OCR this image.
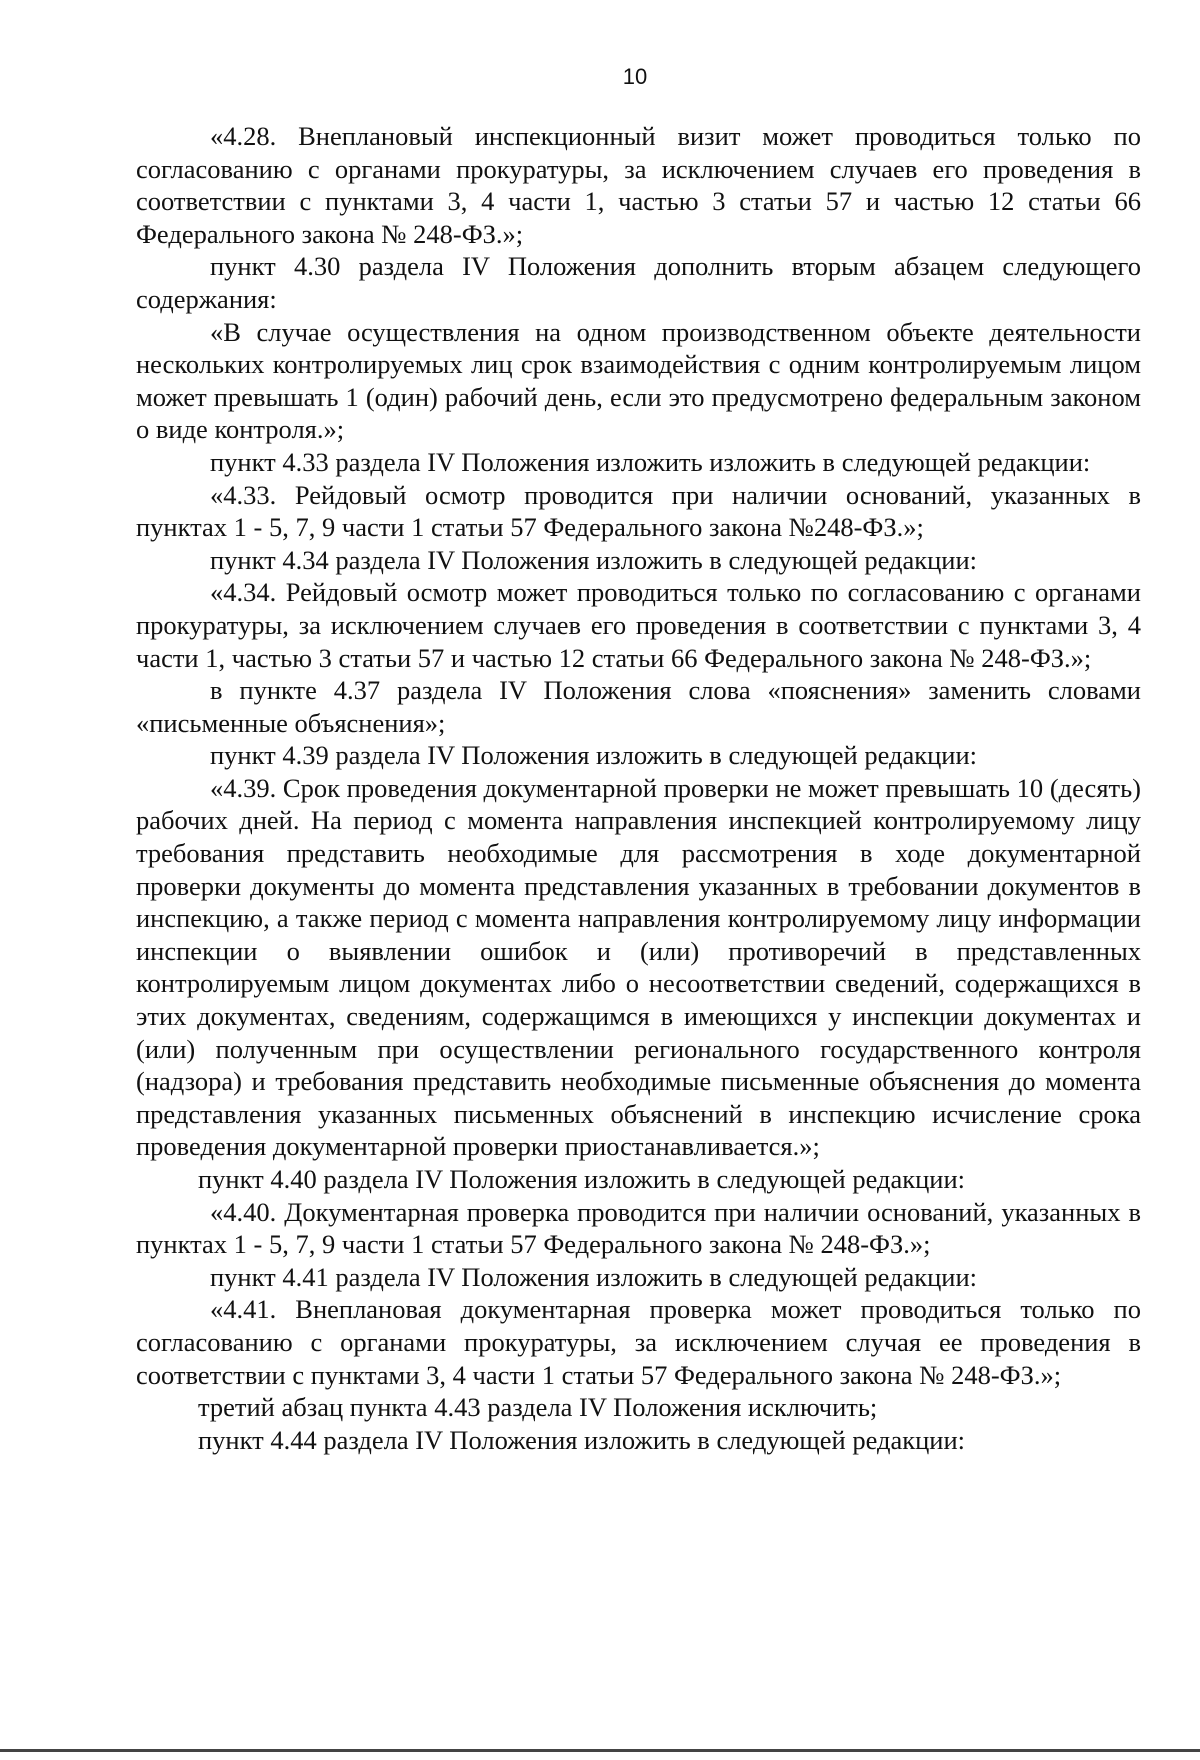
10

«4.28. Внеплановый инспекционный визит может проводиться только по согласованию с органами прокуратуры, за исключением случаев его проведения в соответствии с пунктами 3, 4 части 1, частью 3 статьи 57 и частью 12 статьи 66 Федерального закона № 248-ФЗ.»;

пункт 4.30 раздела IV Положения дополнить вторым абзацем следующего содержания:

«В случае осуществления на одном производственном объекте деятельности нескольких контролируемых лиц срок взаимодействия с одним контролируемым лицом может превышать 1 (один) рабочий день, если это предусмотрено федеральным законом о виде контроля.»;

пункт 4.33 раздела IV Положения изложить изложить в следующей редакции:

«4.33. Рейдовый осмотр проводится при наличии оснований, указанных в пунктах 1 - 5, 7, 9 части 1 статьи 57 Федерального закона №248-ФЗ.»;

пункт 4.34 раздела IV Положения изложить в следующей редакции:

«4.34. Рейдовый осмотр может проводиться только по согласованию с органами прокуратуры, за исключением случаев его проведения в соответствии с пунктами 3, 4 части 1, частью 3 статьи 57 и частью 12 статьи 66 Федерального закона № 248-ФЗ.»;

в пункте 4.37 раздела IV Положения слова «пояснения» заменить словами «письменные объяснения»;

пункт 4.39 раздела IV Положения изложить в следующей редакции:

«4.39. Срок проведения документарной проверки не может превышать 10 (десять) рабочих дней. На период с момента направления инспекцией контролируемому лицу требования представить необходимые для рассмотрения в ходе документарной проверки документы до момента представления указанных в требовании документов в инспекцию, а также период с момента направления контролируемому лицу информации инспекции о выявлении ошибок и (или) противоречий в представленных контролируемым лицом документах либо о несоответствии сведений, содержащихся в этих документах, сведениям, содержащимся в имеющихся у инспекции документах и (или) полученным при осуществлении регионального государственного контроля (надзора) и требования представить необходимые письменные объяснения до момента представления указанных письменных объяснений в инспекцию исчисление срока проведения документарной проверки приостанавливается.»;

пункт 4.40 раздела IV Положения изложить в следующей редакции:

«4.40. Документарная проверка проводится при наличии оснований, указанных в пунктах 1 - 5, 7, 9 части 1 статьи 57 Федерального закона № 248-ФЗ.»;

пункт 4.41 раздела IV Положения изложить в следующей редакции:

«4.41. Внеплановая документарная проверка может проводиться только по согласованию с органами прокуратуры, за исключением случая ее проведения в соответствии с пунктами 3, 4 части 1 статьи 57 Федерального закона № 248-ФЗ.»;

третий абзац пункта 4.43 раздела IV Положения исключить;

пункт 4.44 раздела IV Положения изложить в следующей редакции:
